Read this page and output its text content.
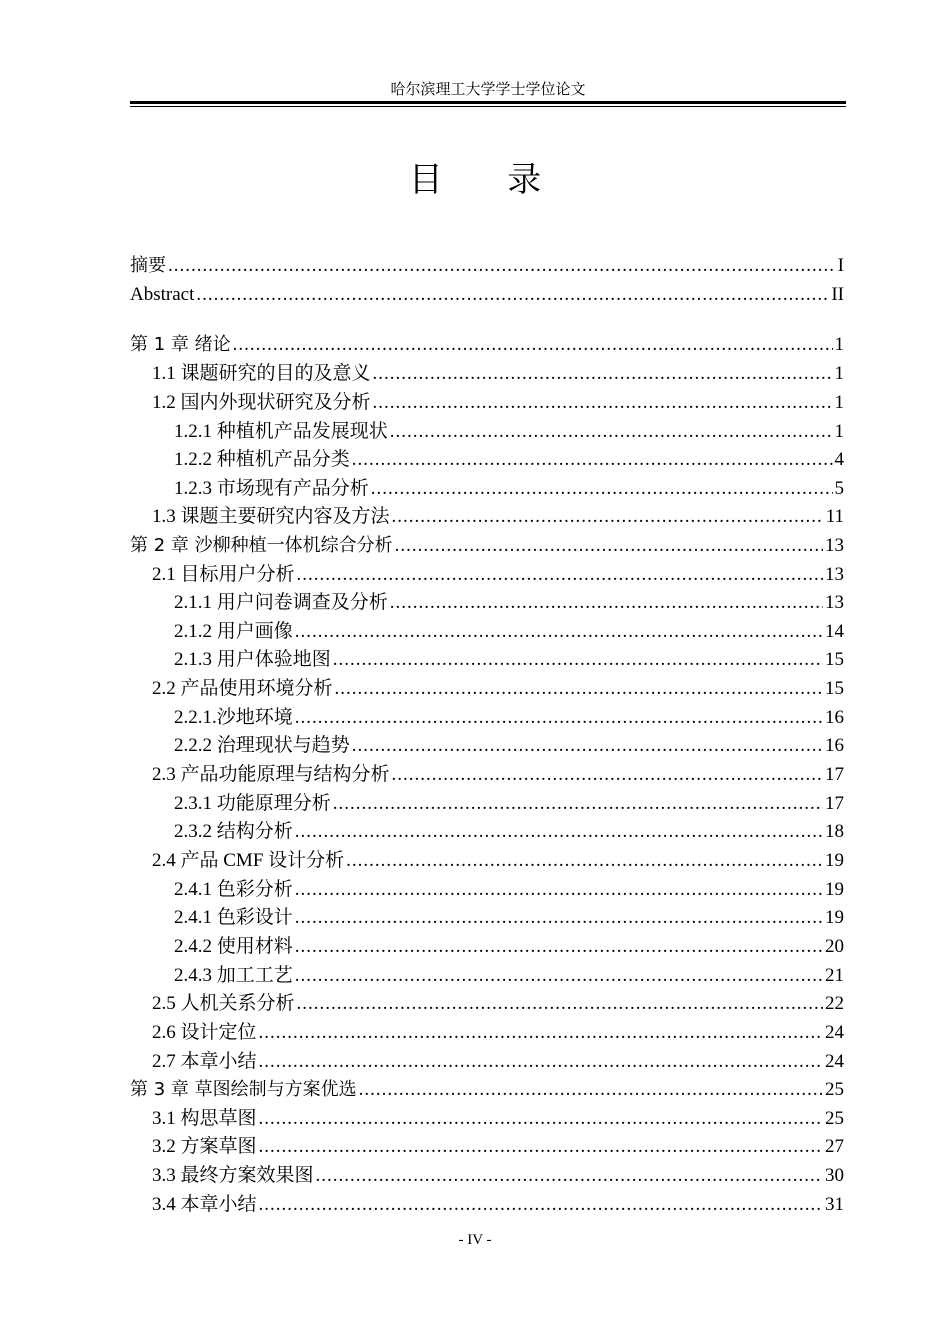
哈尔滨理工大学学士学位论文
目 录
摘要 .....	I
Abstract .....	II
第 1 章 绪论 .....	1
1.1 课题研究的目的及意义 .....	1
1.2 国内外现状研究及分析 .....	1
1.2.1 种植机产品发展现状 .....	1
1.2.2 种植机产品分类 .....	4
1.2.3 市场现有产品分析 .....	5
1.3 课题主要研究内容及方法 .....	11
第 2 章 沙柳种植一体机综合分析 .....	13
2.1 目标用户分析 .....	13
2.1.1 用户问卷调查及分析 .....	13
2.1.2 用户画像 .....	14
2.1.3 用户体验地图 .....	15
2.2 产品使用环境分析 .....	15
2.2.1.沙地环境 .....	16
2.2.2 治理现状与趋势 .....	16
2.3 产品功能原理与结构分析 .....	17
2.3.1 功能原理分析 .....	17
2.3.2 结构分析 .....	18
2.4 产品 CMF 设计分析 .....	19
2.4.1 色彩分析 .....	19
2.4.1 色彩设计 .....	19
2.4.2 使用材料 .....	20
2.4.3 加工工艺 .....	21
2.5 人机关系分析 .....	22
2.6 设计定位 .....	24
2.7 本章小结 .....	24
第 3 章 草图绘制与方案优选 .....	25
3.1 构思草图 .....	25
3.2 方案草图 .....	27
3.3 最终方案效果图 .....	30
3.4 本章小结 .....	31
- IV -
